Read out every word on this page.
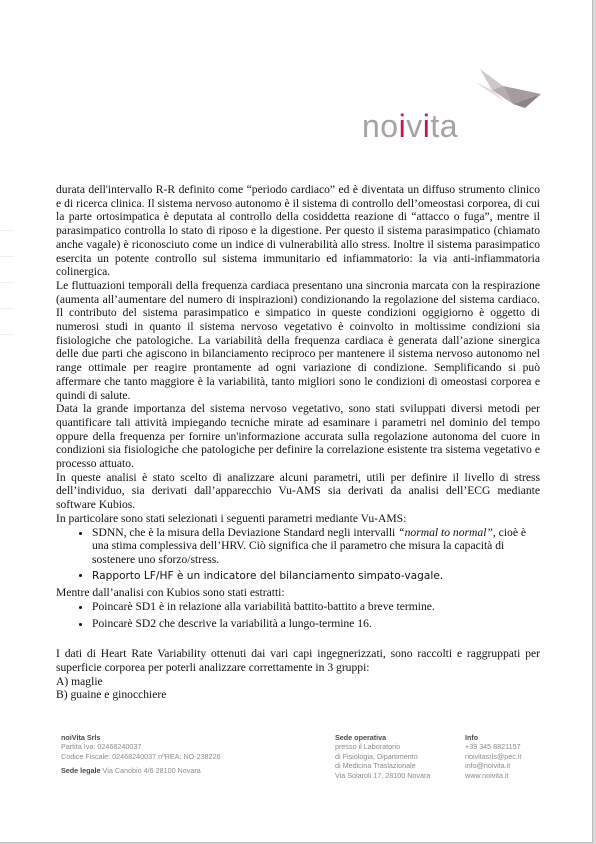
noivita

durata dell'intervallo R-R definito come “periodo cardiaco” ed è diventata un diffuso strumento clinico e di ricerca clinica. Il sistema nervoso autonomo è il sistema di controllo dell’omeostasi corporea, di cui la parte ortosimpatica è deputata al controllo della cosiddetta reazione di “attacco o fuga”, mentre il parasimpatico controlla lo stato di riposo e la digestione. Per questo il sistema parasimpatico (chiamato anche vagale) è riconosciuto come un indice di vulnerabilità allo stress. Inoltre il sistema parasimpatico esercita un potente controllo sul sistema immunitario ed infiammatorio: la via anti-infiammatoria colinergica.

Le fluttuazioni temporali della frequenza cardiaca presentano una sincronia marcata con la respirazione (aumenta all’aumentare del numero di inspirazioni) condizionando la regolazione del sistema cardiaco. Il contributo del sistema parasimpatico e simpatico in queste condizioni oggigiorno è oggetto di numerosi studi in quanto il sistema nervoso vegetativo è coinvolto in moltissime condizioni sia fisiologiche che patologiche. La variabilità della frequenza cardiaca è generata dall’azione sinergica delle due parti che agiscono in bilanciamento reciproco per mantenere il sistema nervoso autonomo nel range ottimale per reagire prontamente ad ogni variazione di condizione. Semplificando si può affermare che tanto maggiore è la variabilità, tanto migliori sono le condizioni di omeostasi corporea e quindi di salute.

Data la grande importanza del sistema nervoso vegetativo, sono stati sviluppati diversi metodi per quantificare tali attività impiegando tecniche mirate ad esaminare i parametri nel dominio del tempo oppure della frequenza per fornire un'informazione accurata sulla regolazione autonoma del cuore in condizioni sia fisiologiche che patologiche per definire la correlazione esistente tra sistema vegetativo e processo attuato.

In queste analisi è stato scelto di analizzare alcuni parametri, utili per definire il livello di stress dell’individuo, sia derivati dall’apparecchio Vu-AMS sia derivati da analisi dell’ECG mediante software Kubios.

In particolare sono stati selezionati i seguenti parametri mediante Vu-AMS:

• SDNN, che è la misura della Deviazione Standard negli intervalli “normal to normal”, cioè è una stima complessiva dell’HRV. Ciò significa che il parametro che misura la capacità di sostenere uno sforzo/stress.
• Rapporto LF/HF è un indicatore del bilanciamento simpato-vagale.

Mentre dall’analisi con Kubios sono stati estratti:

• Poincarè SD1 è in relazione alla variabilità battito-battito a breve termine.
• Poincarè SD2 che descrive la variabilità a lungo-termine 16.

I dati di Heart Rate Variability ottenuti dai vari capi ingegnerizzati, sono raccolti e raggruppati per superficie corporea per poterli analizzare correttamente in 3 gruppi:

A) maglie

B) guaine e ginocchiere

noiVita Srls
Partita Iva: 02468240037
Codice Fiscale: 02468240037 nºREA: NO-238226
Sede legale Via Canobio 4/6 28100 Novara
Sede operativa
presso il Laboratorio
di Fisiologia, Dipartimento
di Medicina Traslazionale
Via Solaroli 17, 28100 Novara
Info
+39 345 8821157
noivitasrls@pec.it
info@noivita.it
www.noivita.it
